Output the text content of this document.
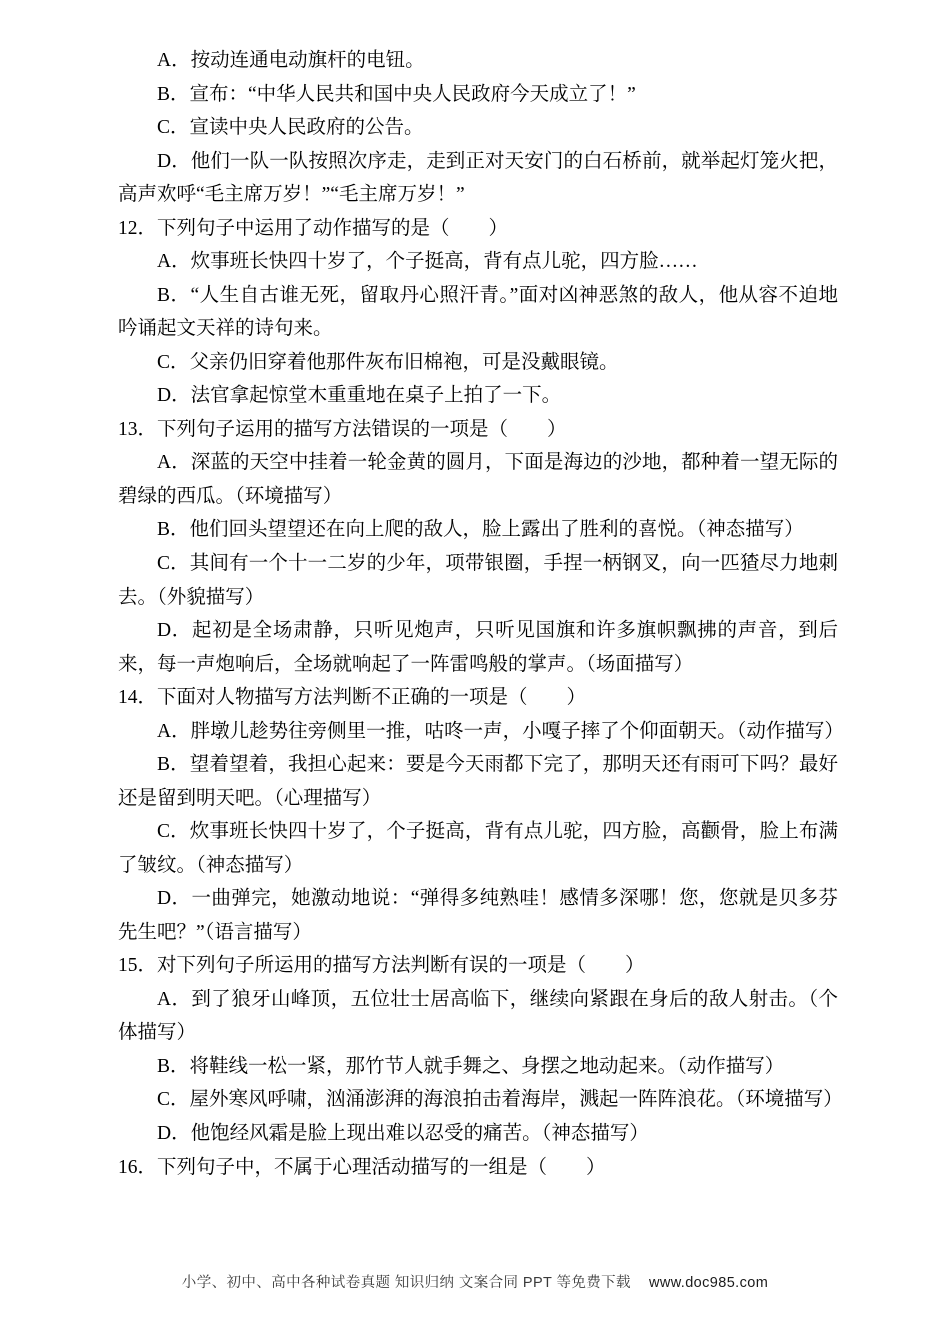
A．按动连通电动旗杆的电钮。

B．宣布：“中华人民共和国中央人民政府今天成立了！”

C．宣读中央人民政府的公告。

D．他们一队一队按照次序走，走到正对天安门的白石桥前，就举起灯笼火把，高声欢呼“毛主席万岁！”“毛主席万岁！”

12．下列句子中运用了动作描写的是（　　）

A．炊事班长快四十岁了，个子挺高，背有点儿驼，四方脸……

B．“人生自古谁无死，留取丹心照汗青。”面对凶神恶煞的敌人，他从容不迫地吟诵起文天祥的诗句来。

C．父亲仍旧穿着他那件灰布旧棉袍，可是没戴眼镜。

D．法官拿起惊堂木重重地在桌子上拍了一下。

13．下列句子运用的描写方法错误的一项是（　　）

A．深蓝的天空中挂着一轮金黄的圆月，下面是海边的沙地，都种着一望无际的碧绿的西瓜。（环境描写）

B．他们回头望望还在向上爬的敌人，脸上露出了胜利的喜悦。（神态描写）

C．其间有一个十一二岁的少年，项带银圈，手捏一柄钢叉，向一匹猹尽力地刺去。（外貌描写）

D．起初是全场肃静，只听见炮声，只听见国旗和许多旗帜飘拂的声音，到后来，每一声炮响后，全场就响起了一阵雷鸣般的掌声。（场面描写）

14．下面对人物描写方法判断不正确的一项是（　　）

A．胖墩儿趁势往旁侧里一推，咕咚一声，小嘎子摔了个仰面朝天。（动作描写）

B．望着望着，我担心起来：要是今天雨都下完了，那明天还有雨可下吗？最好还是留到明天吧。（心理描写）

C．炊事班长快四十岁了，个子挺高，背有点儿驼，四方脸，高颧骨，脸上布满了皱纹。（神态描写）

D．一曲弹完，她激动地说：“弹得多纯熟哇！感情多深哪！您，您就是贝多芬先生吧？”（语言描写）

15．对下列句子所运用的描写方法判断有误的一项是（　　）

A．到了狼牙山峰顶，五位壮士居高临下，继续向紧跟在身后的敌人射击。（个体描写）

B．将鞋线一松一紧，那竹节人就手舞之、身摆之地动起来。（动作描写）

C．屋外寒风呼啸，汹涌澎湃的海浪拍击着海岸，溅起一阵阵浪花。（环境描写）

D．他饱经风霜是脸上现出难以忍受的痛苦。（神态描写）

16．下列句子中，不属于心理活动描写的一组是（　　）

小学、初中、高中各种试卷真题 知识归纳 文案合同 PPT 等免费下载 www.doc985.com
